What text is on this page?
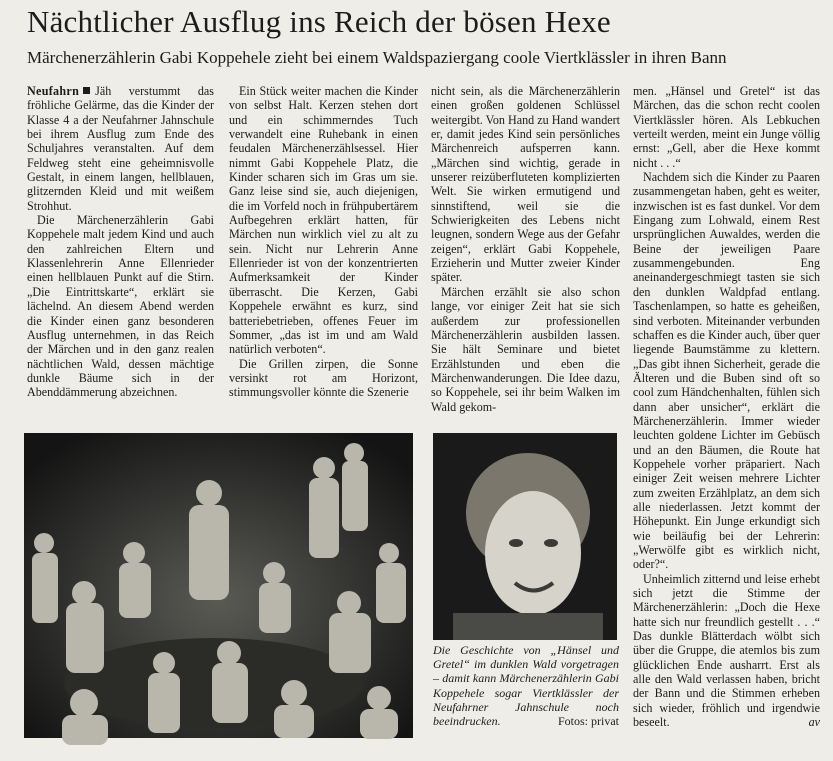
Nächtlicher Ausflug ins Reich der bösen Hexe
Märchenerzählerin Gabi Koppehele zieht bei einem Waldspaziergang coole Viertklässler in ihren Bann

Neufahrn Jäh verstummt das fröhliche Gelärme, das die Kinder der Klasse 4 a der Neufahrner Jahnschule bei ihrem Ausflug zum Ende des Schuljahres veranstalten. Auf dem Feldweg steht eine geheimnisvolle Gestalt, in einem langen, hellblauen, glitzernden Kleid und mit weißem Strohhut.

Die Märchenerzählerin Gabi Koppehele malt jedem Kind und auch den zahlreichen Eltern und Klassenlehrerin Anne Ellenrieder einen hellblauen Punkt auf die Stirn. „Die Eintrittskarte“, erklärt sie lächelnd. An diesem Abend werden die Kinder einen ganz besonderen Ausflug unternehmen, in das Reich der Märchen und in den ganz realen nächtlichen Wald, dessen mächtige dunkle Bäume sich in der Abenddämmerung abzeichnen.

Ein Stück weiter machen die Kinder von selbst Halt. Kerzen stehen dort und ein schimmerndes Tuch verwandelt eine Ruhebank in einen feudalen Märchenerzählsessel. Hier nimmt Gabi Koppehele Platz, die Kinder scharen sich im Gras um sie. Ganz leise sind sie, auch diejenigen, die im Vorfeld noch in frühpubertärem Aufbegehren erklärt hatten, für Märchen nun wirklich viel zu alt zu sein. Nicht nur Lehrerin Anne Ellenrieder ist von der konzentrierten Aufmerksamkeit der Kinder überrascht. Die Kerzen, Gabi Koppehele erwähnt es kurz, sind batteriebetrieben, offenes Feuer im Sommer, „das ist im und am Wald natürlich verboten“.

Die Grillen zirpen, die Sonne versinkt rot am Horizont, stimmungsvoller könnte die Szenerie

nicht sein, als die Märchenerzählerin einen großen goldenen Schlüssel weitergibt. Von Hand zu Hand wandert er, damit jedes Kind sein persönliches Märchenreich aufsperren kann. „Märchen sind wichtig, gerade in unserer reizüberfluteten komplizierten Welt. Sie wirken ermutigend und sinnstiftend, weil sie die Schwierigkeiten des Lebens nicht leugnen, sondern Wege aus der Gefahr zeigen“, erklärt Gabi Koppehele, Erzieherin und Mutter zweier Kinder später.

Märchen erzählt sie also schon lange, vor einiger Zeit hat sie sich außerdem zur professionellen Märchenerzählerin ausbilden lassen. Sie hält Seminare und bietet Erzählstunden und eben die Märchenwanderungen. Die Idee dazu, so Koppehele, sei ihr beim Walken im Wald gekom-

men. „Hänsel und Gretel“ ist das Märchen, das die schon recht coolen Viertklässler hören. Als Lebkuchen verteilt werden, meint ein Junge völlig ernst: „Gell, aber die Hexe kommt nicht . . .“

Nachdem sich die Kinder zu Paaren zusammengetan haben, geht es weiter, inzwischen ist es fast dunkel. Vor dem Eingang zum Lohwald, einem Rest ursprünglichen Auwaldes, werden die Beine der jeweiligen Paare zusammengebunden. Eng aneinandergeschmiegt tasten sie sich den dunklen Waldpfad entlang. Taschenlampen, so hatte es geheißen, sind verboten. Miteinander verbunden schaffen es die Kinder auch, über quer liegende Baumstämme zu klettern. „Das gibt ihnen Sicherheit, gerade die Älteren und die Buben sind oft so cool zum Händchenhalten, fühlen sich dann aber unsicher“, erklärt die Märchenerzählerin. Immer wieder leuchten goldene Lichter im Gebüsch und an den Bäumen, die Route hat Koppehele vorher präpariert. Nach einiger Zeit weisen mehrere Lichter zum zweiten Erzählplatz, an dem sich alle niederlassen. Jetzt kommt der Höhepunkt. Ein Junge erkundigt sich wie beiläufig bei der Lehrerin: „Werwölfe gibt es wirklich nicht, oder?“.

Unheimlich zitternd und leise erhebt sich jetzt die Stimme der Märchenerzählerin: „Doch die Hexe hatte sich nur freundlich gestellt . . .“ Das dunkle Blätterdach wölbt sich über die Gruppe, die atemlos bis zum glücklichen Ende ausharrt. Erst als alle den Wald verlassen haben, bricht der Bann und die Stimmen erheben sich wieder, fröhlich und irgendwie beseelt.	av

Die Geschichte von „Hänsel und Gretel“ im dunklen Wald vorgetragen – damit kann Märchenerzählerin Gabi Koppehele sogar Viertklässler der Neufahrner Jahnschule noch beeindrucken.	Fotos: privat
